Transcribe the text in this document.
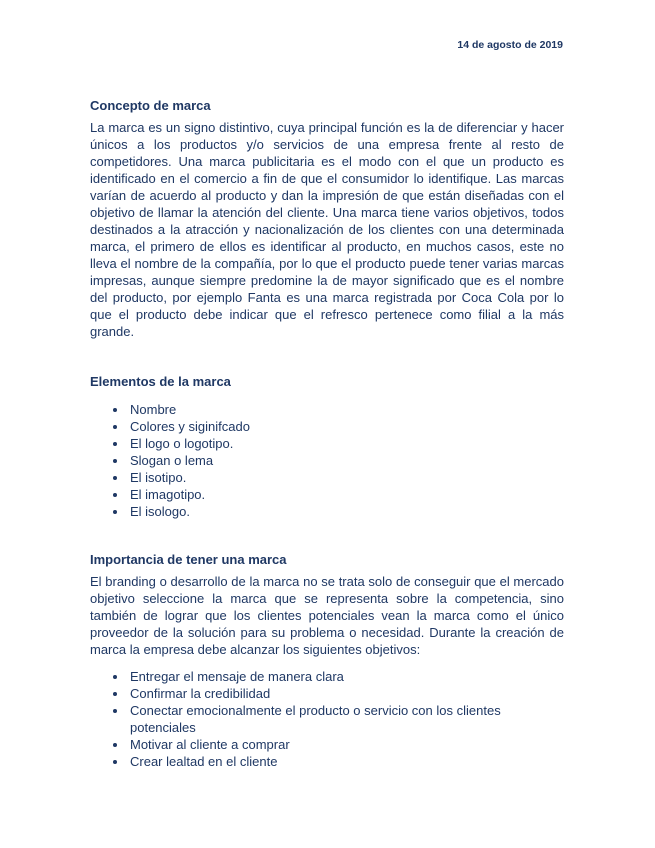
14 de agosto de 2019
Concepto de marca

La marca es un signo distintivo, cuya principal función es la de diferenciar y hacer únicos a los productos y/o servicios de una empresa frente al resto de competidores. Una marca publicitaria es el modo con el que un producto es identificado en el comercio a fin de que el consumidor lo identifique. Las marcas varían de acuerdo al producto y dan la impresión de que están diseñadas con el objetivo de llamar la atención del cliente. Una marca tiene varios objetivos, todos destinados a la atracción y nacionalización de los clientes con una determinada marca, el primero de ellos es identificar al producto, en muchos casos, este no lleva el nombre de la compañía, por lo que el producto puede tener varias marcas impresas, aunque siempre predomine la de mayor significado que es el nombre del producto, por ejemplo Fanta es una marca registrada por Coca Cola por lo que el producto debe indicar que el refresco pertenece como filial a la más grande.

Elementos de la marca
• Nombre
• Colores y siginifcado
• El logo o logotipo.
• Slogan o lema
• El isotipo.
• El imagotipo.
• El isologo.
Importancia de tener una marca

El branding o desarrollo de la marca no se trata solo de conseguir que el mercado objetivo seleccione la marca que se representa sobre la competencia, sino también de lograr que los clientes potenciales vean la marca como el único proveedor de la solución para su problema o necesidad. Durante la creación de marca la empresa debe alcanzar los siguientes objetivos:

• Entregar el mensaje de manera clara
• Confirmar la credibilidad
• Conectar emocionalmente el producto o servicio con los clientes potenciales
• Motivar al cliente a comprar
• Crear lealtad en el cliente
